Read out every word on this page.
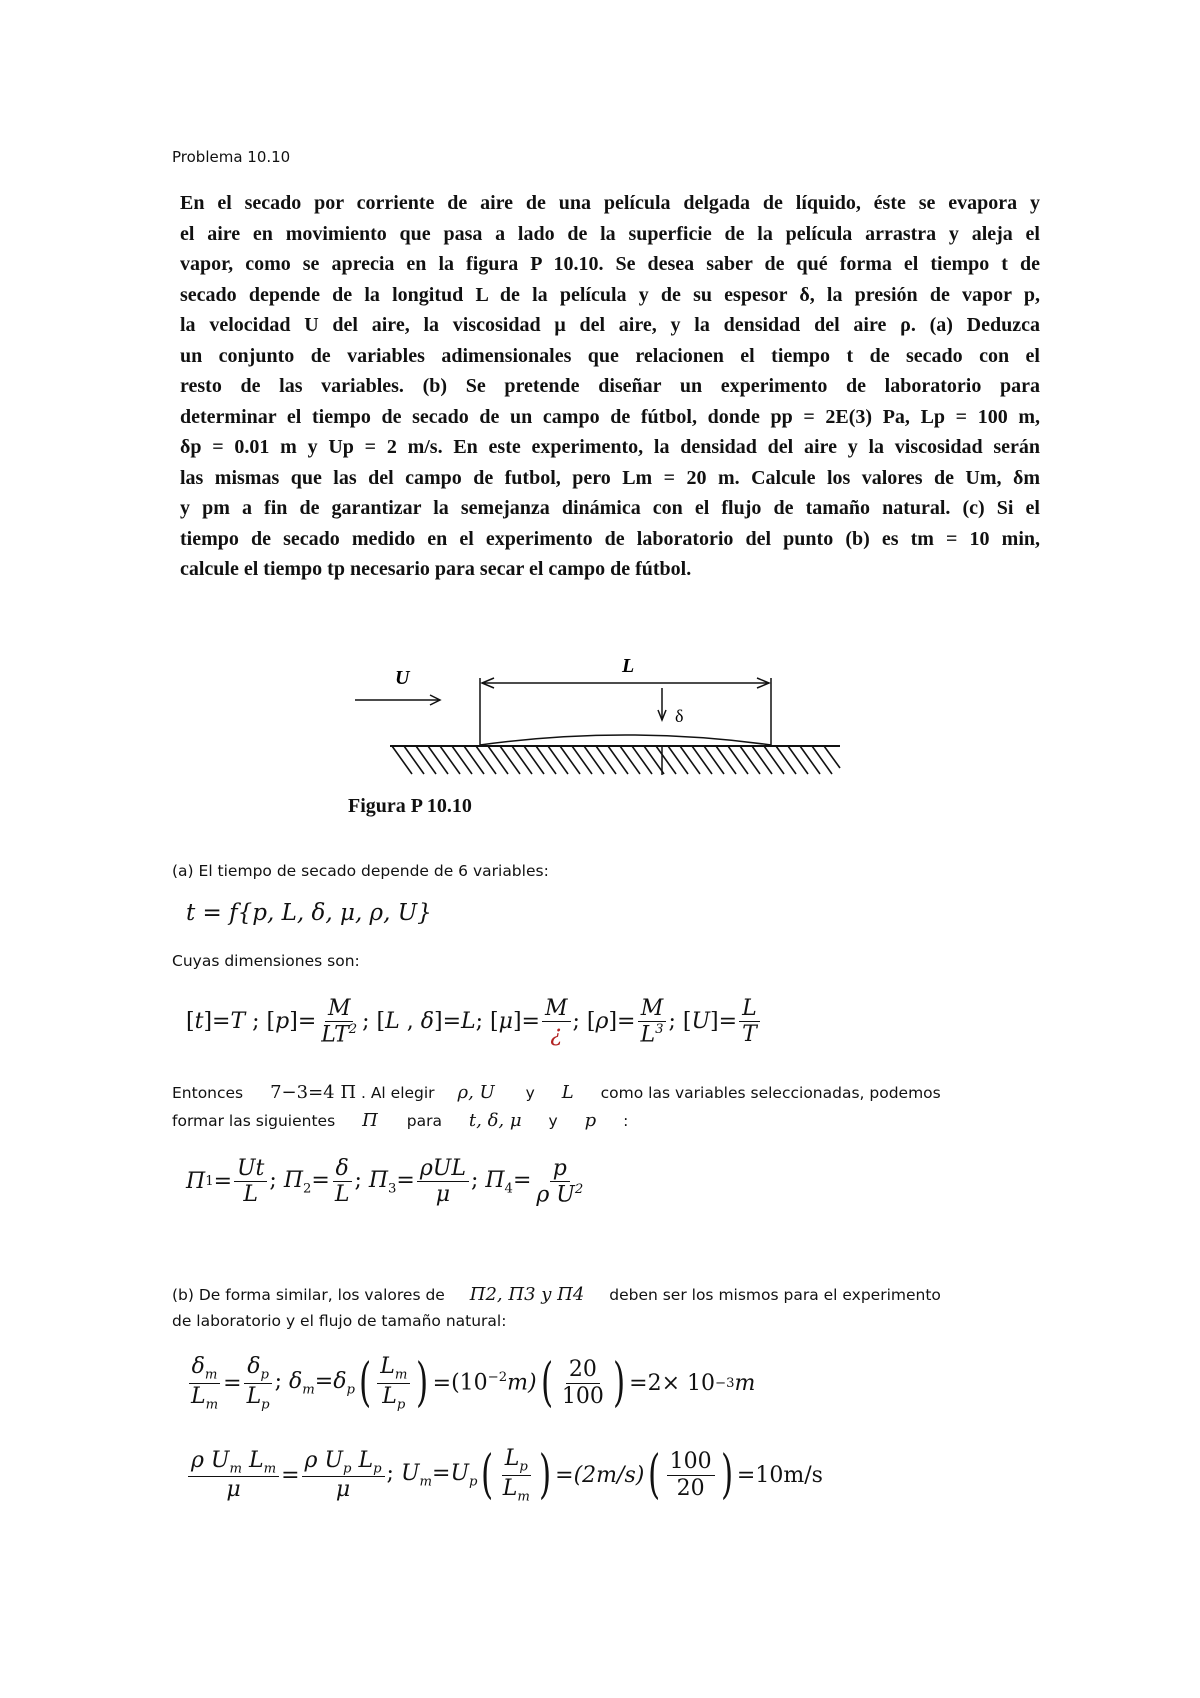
Problema 10.10

En el secado por corriente de aire de una película delgada de líquido, éste se evapora y

el aire en movimiento que pasa a lado de la superficie de la película arrastra y aleja el

vapor, como se aprecia en la figura P 10.10. Se desea saber de qué forma el tiempo t de

secado depende de la longitud L de la película y de su espesor δ, la presión de vapor p,

la velocidad U del aire, la viscosidad μ del aire, y la densidad del aire ρ. (a) Deduzca

un conjunto de variables adimensionales que relacionen el tiempo t de secado con el

resto de las variables. (b) Se pretende diseñar un experimento de laboratorio para

determinar el tiempo de secado de un campo de fútbol, donde pp = 2E(3) Pa, Lp = 100 m,

δp = 0.01 m y Up = 2 m/s. En este experimento, la densidad del aire y la viscosidad serán

las mismas que las del campo de futbol, pero Lm = 20 m. Calcule los valores de Um, δm

y pm a fin de garantizar la semejanza dinámica con el flujo de tamaño natural. (c) Si el

tiempo de secado medido en el experimento de laboratorio del punto (b) es tm = 10 min,

calcule el tiempo tp necesario para secar el campo de fútbol.

U
L
δ
Figura P 10.10
(a) El tiempo de secado depende de 6 variables:
t = f{p, L, δ, μ, ρ, U}
Cuyas dimensiones son:
[t]=T ; $[p]= \frac{M}{LT^2}$ ; [L , δ]=L; $[\mu]= \frac{M}{¿}$ ; $[\rho]= \frac{M}{L^3}$ ; $[U]= \frac{L}{T}$
Entonces 7−3=4 Π . Al elegir ρ, U y L como las variables seleccionadas, podemos
formar las siguientes Π para t, δ, μ y p :
Π $1 = \frac{Ut}{L}$ ; $\Pi_2= \frac{\delta}{L}$ ; $\Pi_3= \frac{\text{ρUL}}{\mu}$ ; $\Pi_4= \frac{p}{\rho U^2}$
(b) De forma similar, los valores de Π2, Π3 y Π4 deben ser los mismos para el experimento
de laboratorio y el flujo de tamaño natural:
$\frac{\delta_m}{L_m} = \frac{\delta_p}{L_p}$ ; $\delta_m=\delta_p$ ( $\frac{L_m}{L_p}$ ) = $(10^{-2}m)$ ( $\frac{20}{100}$ ) =2× 10 −3 m
$\frac{\rho U_m L_m}{\mu} = \frac{\rho U_p L_p}{\mu}$ ; $U_m=U_p$ ( $\frac{L_p}{L_m}$ ) = (2m/s) ( $\frac{100}{20}$ ) =10m/s
